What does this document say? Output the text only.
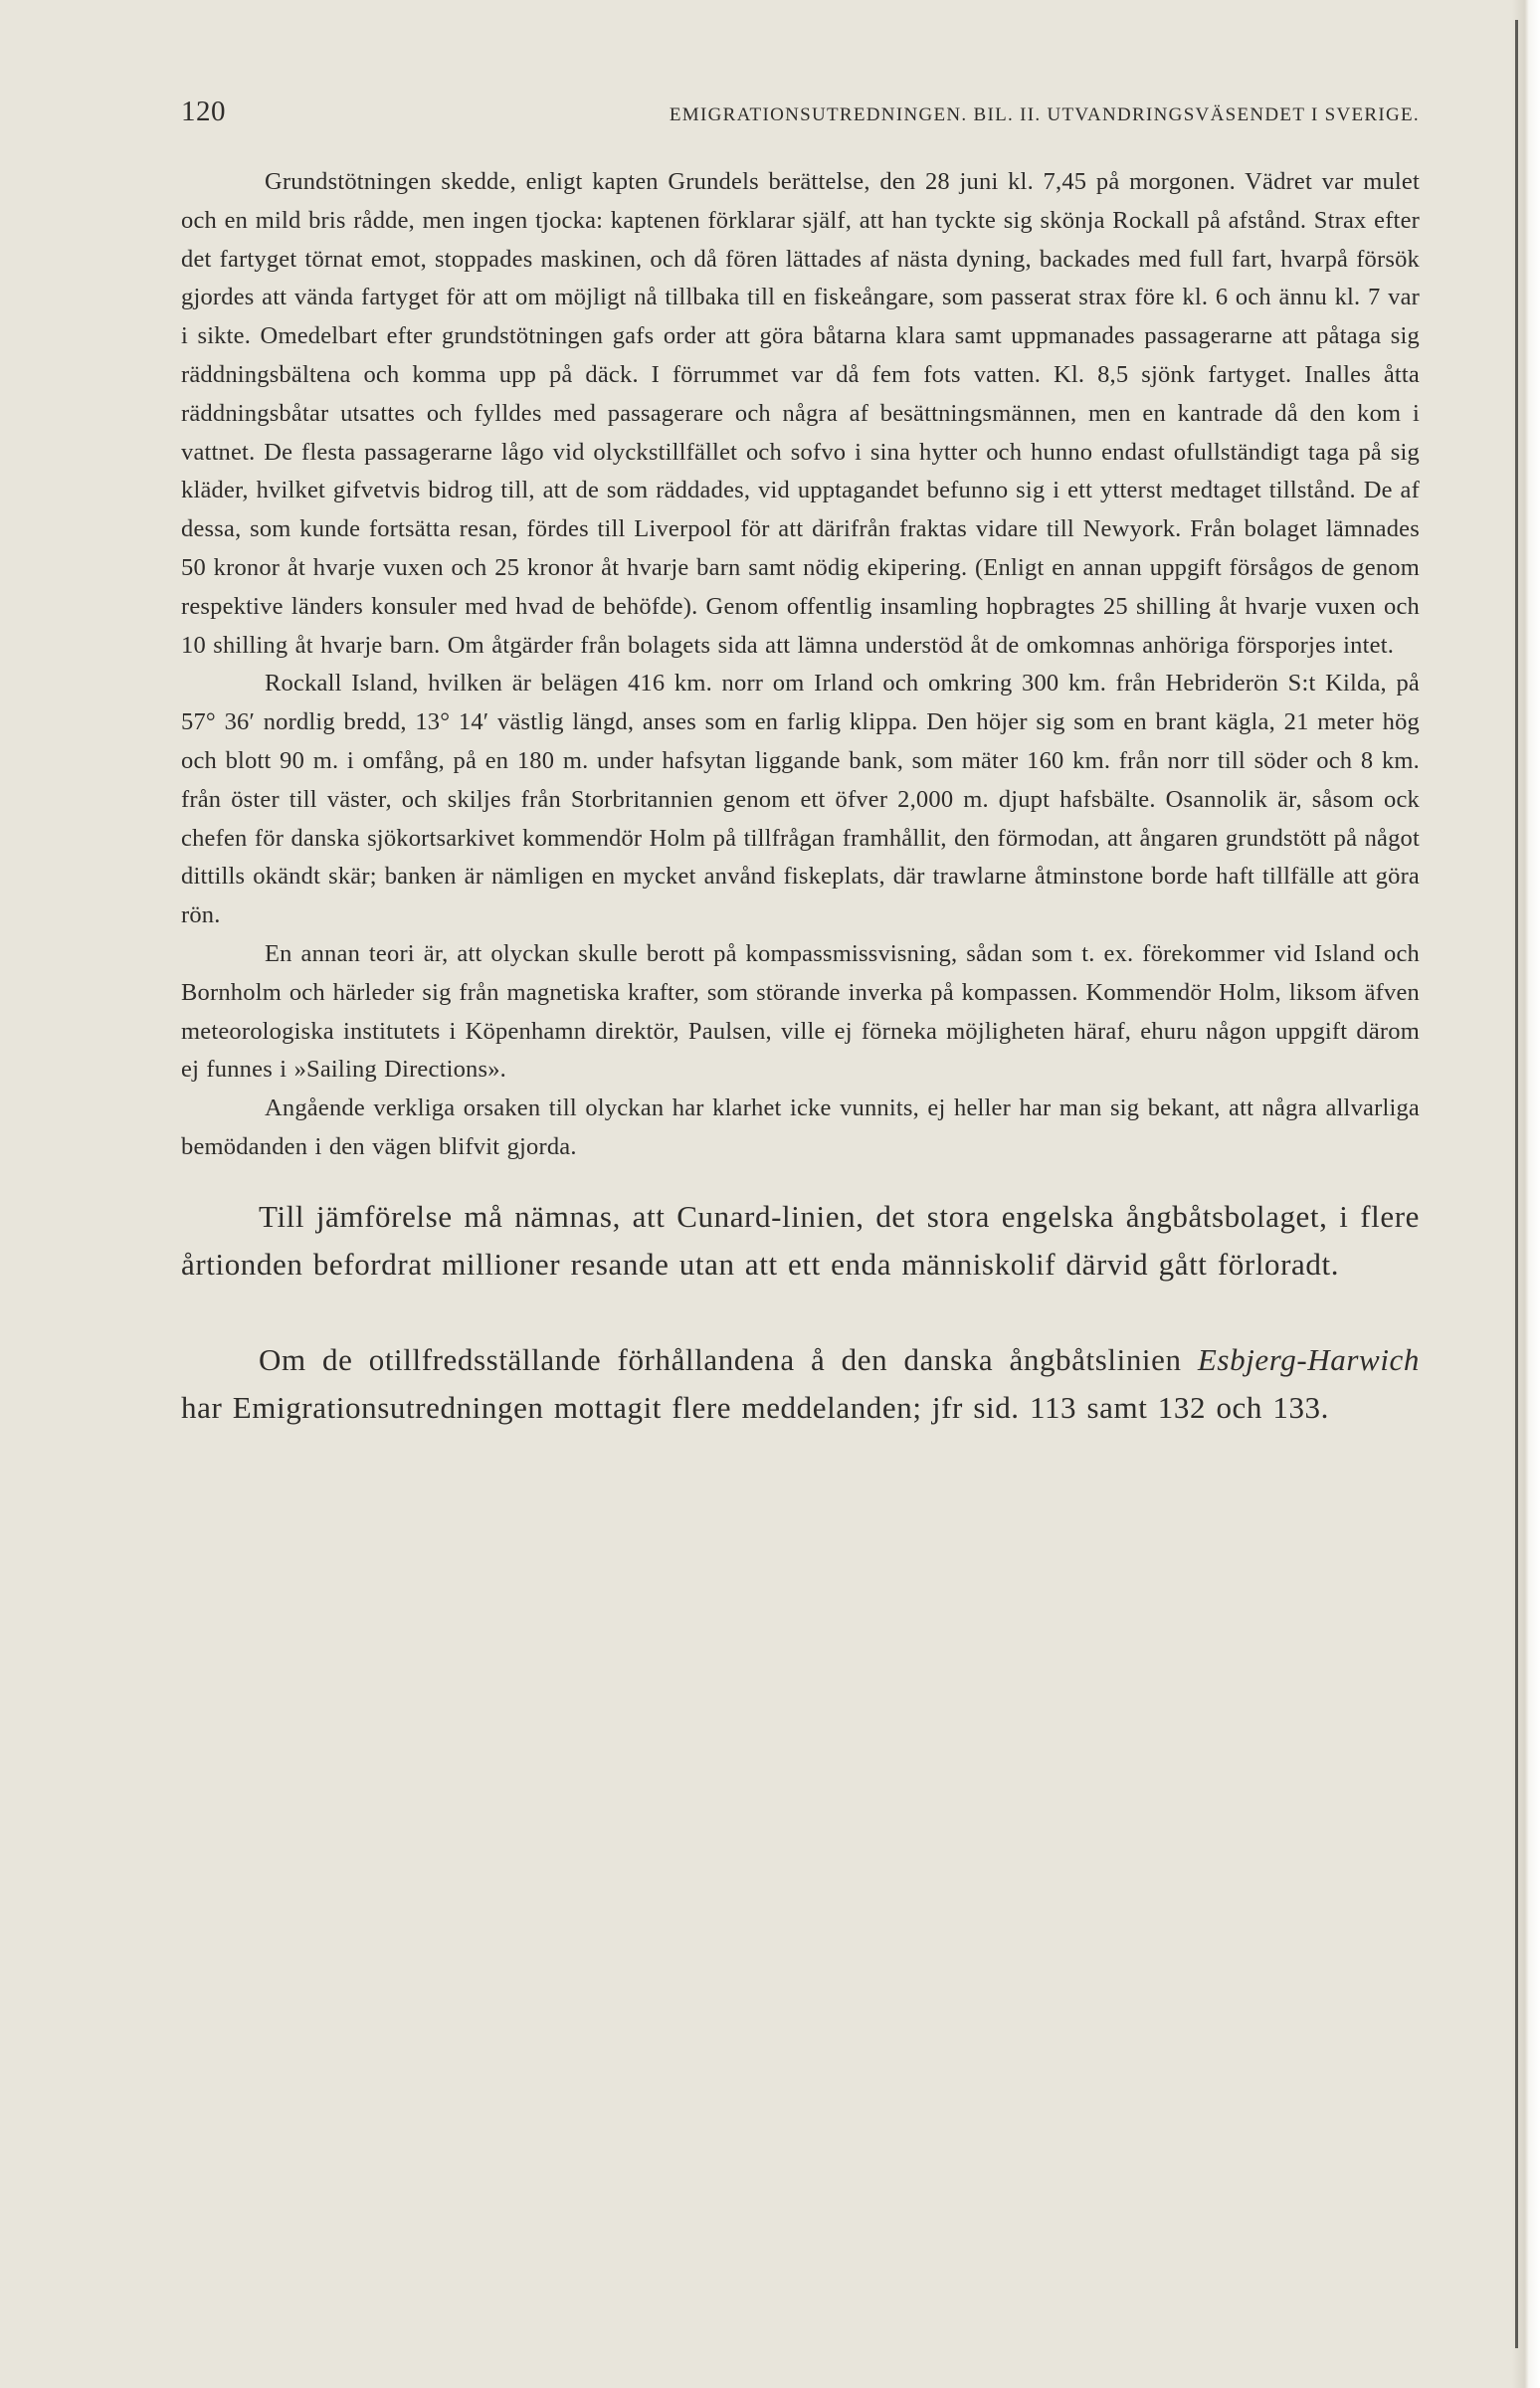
120	EMIGRATIONSUTREDNINGEN. BIL. II. UTVANDRINGSVÄSENDET I SVERIGE.

Grundstötningen skedde, enligt kapten Grundels berättelse, den 28 juni kl. 7,45 på morgonen. Vädret var mulet och en mild bris rådde, men ingen tjocka: kaptenen förklarar själf, att han tyckte sig skönja Rockall på afstånd. Strax efter det fartyget törnat emot, stoppades maskinen, och då fören lättades af nästa dyning, backades med full fart, hvarpå försök gjordes att vända fartyget för att om möjligt nå tillbaka till en fiskeångare, som passerat strax före kl. 6 och ännu kl. 7 var i sikte. Omedelbart efter grundstötningen gafs order att göra båtarna klara samt uppmanades passagerarne att påtaga sig räddningsbältena och komma upp på däck. I förrummet var då fem fots vatten. Kl. 8,5 sjönk fartyget. Inalles åtta räddningsbåtar utsattes och fylldes med passagerare och några af besättningsmännen, men en kantrade då den kom i vattnet. De flesta passagerarne lågo vid olyckstillfället och sofvo i sina hytter och hunno endast ofullständigt taga på sig kläder, hvilket gifvetvis bidrog till, att de som räddades, vid upptagandet befunno sig i ett ytterst medtaget tillstånd. De af dessa, som kunde fortsätta resan, fördes till Liverpool för att därifrån fraktas vidare till Newyork. Från bolaget lämnades 50 kronor åt hvarje vuxen och 25 kronor åt hvarje barn samt nödig ekipering. (Enligt en annan uppgift försågos de genom respektive länders konsuler med hvad de behöfde). Genom offentlig insamling hopbragtes 25 shilling åt hvarje vuxen och 10 shilling åt hvarje barn. Om åtgärder från bolagets sida att lämna understöd åt de omkomnas anhöriga försporjes intet.

Rockall Island, hvilken är belägen 416 km. norr om Irland och omkring 300 km. från Hebriderön S:t Kilda, på 57° 36′ nordlig bredd, 13° 14′ västlig längd, anses som en farlig klippa. Den höjer sig som en brant kägla, 21 meter hög och blott 90 m. i omfång, på en 180 m. under hafsytan liggande bank, som mäter 160 km. från norr till söder och 8 km. från öster till väster, och skiljes från Storbritannien genom ett öfver 2,000 m. djupt hafsbälte. Osannolik är, såsom ock chefen för danska sjökortsarkivet kommendör Holm på tillfrågan framhållit, den förmodan, att ångaren grundstött på något dittills okändt skär; banken är nämligen en mycket anvånd fiskeplats, där trawlarne åtminstone borde haft tillfälle att göra rön.

En annan teori är, att olyckan skulle berott på kompassmissvisning, sådan som t. ex. förekommer vid Island och Bornholm och härleder sig från magnetiska krafter, som störande inverka på kompassen. Kommendör Holm, liksom äfven meteorologiska institutets i Köpenhamn direktör, Paulsen, ville ej förneka möjligheten häraf, ehuru någon uppgift därom ej funnes i »Sailing Directions».

Angående verkliga orsaken till olyckan har klarhet icke vunnits, ej heller har man sig bekant, att några allvarliga bemödanden i den vägen blifvit gjorda.

Till jämförelse må nämnas, att Cunard-linien, det stora engelska ångbåtsbolaget, i flere årtionden befordrat millioner resande utan att ett enda människolif därvid gått förloradt.

Om de otillfredsställande förhållandena å den danska ångbåtslinien Esbjerg-Harwich har Emigrationsutredningen mottagit flere meddelanden; jfr sid. 113 samt 132 och 133.
